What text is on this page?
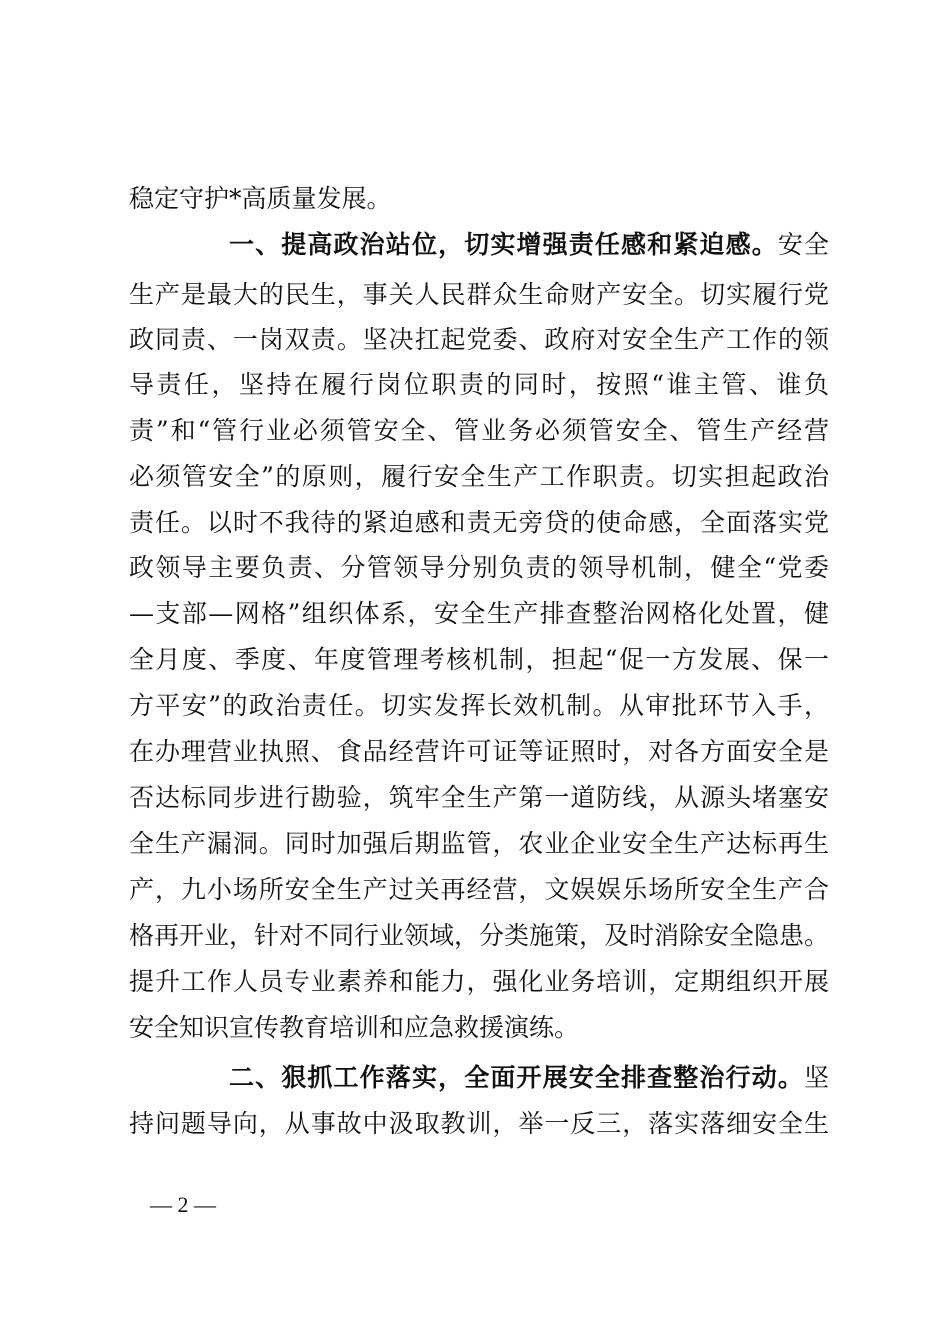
稳定守护*高质量发展。
一、提高政治站位，切实增强责任感和紧迫感。安全
生产是最大的民生，事关人民群众生命财产安全。切实履行党
政同责、一岗双责。坚决扛起党委、政府对安全生产工作的领
导责任，坚持在履行岗位职责的同时，按照“谁主管、谁负
责”和“管行业必须管安全、管业务必须管安全、管生产经营
必须管安全”的原则，履行安全生产工作职责。切实担起政治
责任。以时不我待的紧迫感和责无旁贷的使命感，全面落实党
政领导主要负责、分管领导分别负责的领导机制，健全“党委
—支部—网格”组织体系，安全生产排查整治网格化处置，健
全月度、季度、年度管理考核机制，担起“促一方发展、保一
方平安”的政治责任。切实发挥长效机制。从审批环节入手，
在办理营业执照、食品经营许可证等证照时，对各方面安全是
否达标同步进行勘验，筑牢全生产第一道防线，从源头堵塞安
全生产漏洞。同时加强后期监管，农业企业安全生产达标再生
产，九小场所安全生产过关再经营，文娱娱乐场所安全生产合
格再开业，针对不同行业领域，分类施策，及时消除安全隐患。
提升工作人员专业素养和能力，强化业务培训，定期组织开展
安全知识宣传教育培训和应急救援演练。
二、狠抓工作落实，全面开展安全排查整治行动。坚
持问题导向，从事故中汲取教训，举一反三，落实落细安全生
— 2 —
